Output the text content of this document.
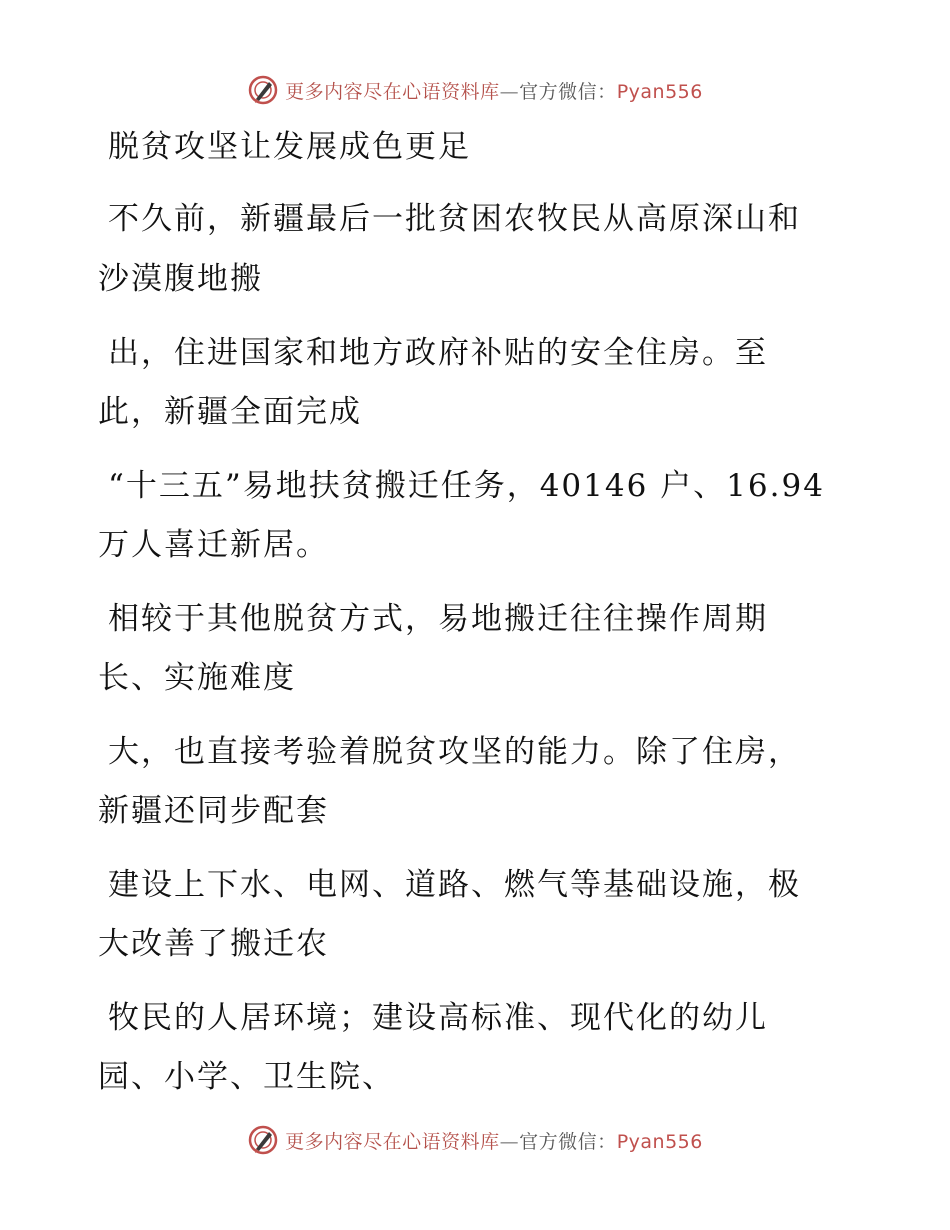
更多内容尽在心语资料库—官方微信：Pyan556
脱贫攻坚让发展成色更足
不久前，新疆最后一批贫困农牧民从高原深山和
沙漠腹地搬
出，住进国家和地方政府补贴的安全住房。至
此，新疆全面完成
“十三五”易地扶贫搬迁任务，40146 户、16.94
万人喜迁新居。
相较于其他脱贫方式，易地搬迁往往操作周期
长、实施难度
大，也直接考验着脱贫攻坚的能力。除了住房，
新疆还同步配套
建设上下水、电网、道路、燃气等基础设施，极
大改善了搬迁农
牧民的人居环境；建设高标准、现代化的幼儿
园、小学、卫生院、
更多内容尽在心语资料库—官方微信：Pyan556
